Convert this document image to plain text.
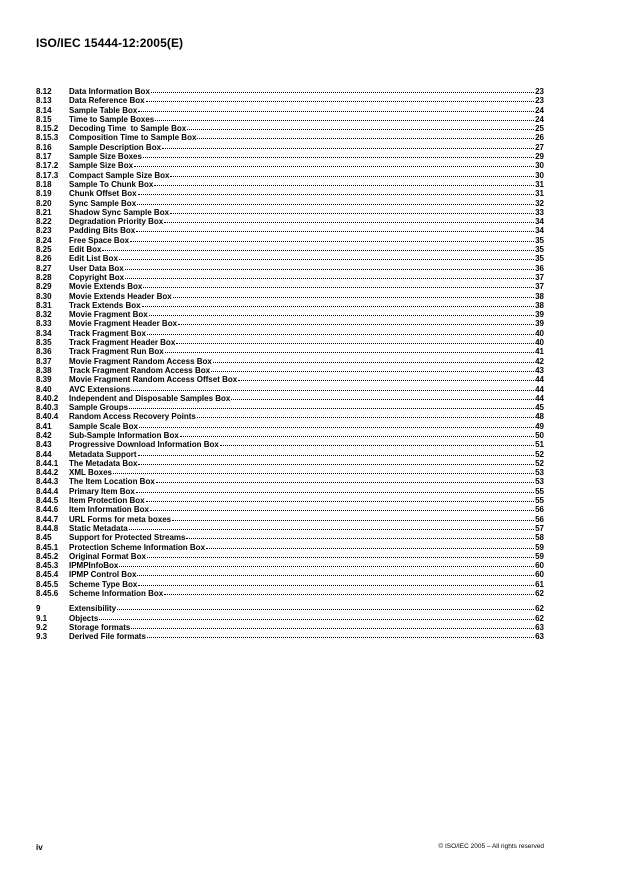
ISO/IEC 15444-12:2005(E)
8.12	Data Information Box	23
8.13	Data Reference Box	23
8.14	Sample Table Box	24
8.15	Time to Sample Boxes	24
8.15.2	Decoding Time  to Sample Box	25
8.15.3	Composition Time to Sample Box	26
8.16	Sample Description Box	27
8.17	Sample Size Boxes	29
8.17.2	Sample Size Box	30
8.17.3	Compact Sample Size Box	30
8.18	Sample To Chunk Box	31
8.19	Chunk Offset Box	31
8.20	Sync Sample Box	32
8.21	Shadow Sync Sample Box	33
8.22	Degradation Priority Box	34
8.23	Padding Bits Box	34
8.24	Free Space Box	35
8.25	Edit Box	35
8.26	Edit List Box	35
8.27	User Data Box	36
8.28	Copyright Box	37
8.29	Movie Extends Box	37
8.30	Movie Extends Header Box	38
8.31	Track Extends Box	38
8.32	Movie Fragment Box	39
8.33	Movie Fragment Header Box	39
8.34	Track Fragment Box	40
8.35	Track Fragment Header Box	40
8.36	Track Fragment Run Box	41
8.37	Movie Fragment Random Access Box	42
8.38	Track Fragment Random Access Box	43
8.39	Movie Fragment Random Access Offset Box	44
8.40	AVC Extensions	44
8.40.2	Independent and Disposable Samples Box	44
8.40.3	Sample Groups	45
8.40.4	Random Access Recovery Points	48
8.41	Sample Scale Box	49
8.42	Sub-Sample Information Box	50
8.43	Progressive Download Information Box	51
8.44	Metadata Support	52
8.44.1	The Metadata Box	52
8.44.2	XML Boxes	53
8.44.3	The Item Location Box	53
8.44.4	Primary Item Box	55
8.44.5	Item Protection Box	55
8.44.6	Item Information Box	56
8.44.7	URL Forms for meta boxes	56
8.44.8	Static Metadata	57
8.45	Support for Protected Streams	58
8.45.1	Protection Scheme Information Box	59
8.45.2	Original Format Box	59
8.45.3	IPMPInfoBox	60
8.45.4	IPMP Control Box	60
8.45.5	Scheme Type Box	61
8.45.6	Scheme Information Box	62
9	Extensibility	62
9.1	Objects	62
9.2	Storage formats	63
9.3	Derived File formats	63
iv	© ISO/IEC 2005 – All rights reserved
